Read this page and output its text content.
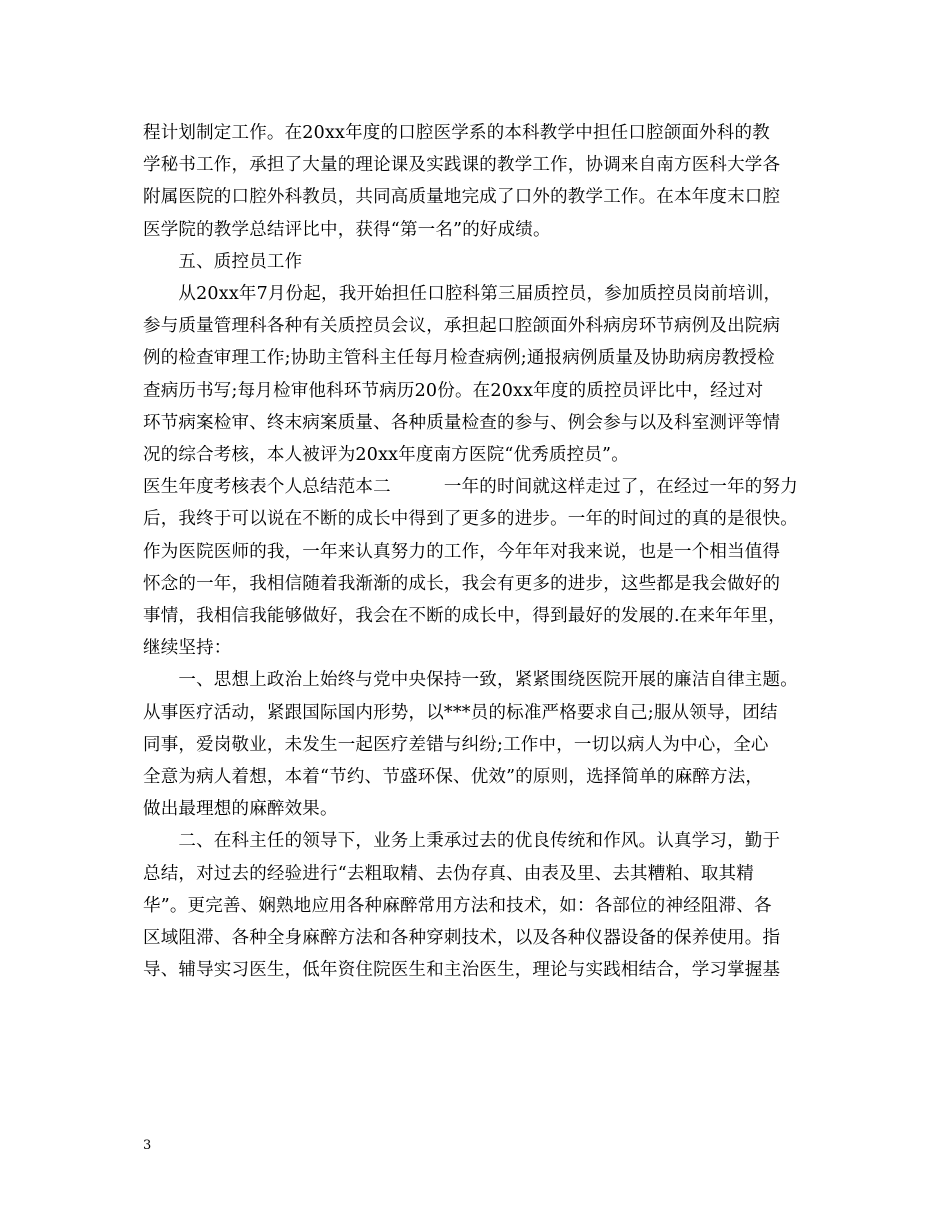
程计划制定工作。在20xx年度的口腔医学系的本科教学中担任口腔颌面外科的教
学秘书工作，承担了大量的理论课及实践课的教学工作，协调来自南方医科大学各
附属医院的口腔外科教员，共同高质量地完成了口外的教学工作。在本年度末口腔
医学院的教学总结评比中，获得“第一名”的好成绩。
　　五、质控员工作
　　从20xx年7月份起，我开始担任口腔科第三届质控员，参加质控员岗前培训，
参与质量管理科各种有关质控员会议，承担起口腔颌面外科病房环节病例及出院病
例的检查审理工作;协助主管科主任每月检查病例;通报病例质量及协助病房教授检
查病历书写;每月检审他科环节病历20份。在20xx年度的质控员评比中，经过对
环节病案检审、终末病案质量、各种质量检查的参与、例会参与以及科室测评等情
况的综合考核，本人被评为20xx年度南方医院“优秀质控员”。
医生年度考核表个人总结范本二　　　一年的时间就这样走过了，在经过一年的努力
后，我终于可以说在不断的成长中得到了更多的进步。一年的时间过的真的是很快。
作为医院医师的我，一年来认真努力的工作，今年年对我来说，也是一个相当值得
怀念的一年，我相信随着我渐渐的成长，我会有更多的进步，这些都是我会做好的
事情，我相信我能够做好，我会在不断的成长中，得到最好的发展的.在来年年里，
继续坚持：
　　一、思想上政治上始终与党中央保持一致，紧紧围绕医院开展的廉洁自律主题。
从事医疗活动，紧跟国际国内形势，以***员的标准严格要求自己;服从领导，团结
同事，爱岗敬业，未发生一起医疗差错与纠纷;工作中，一切以病人为中心，全心
全意为病人着想，本着“节约、节盛环保、优效”的原则，选择简单的麻醉方法，
做出最理想的麻醉效果。
　　二、在科主任的领导下，业务上秉承过去的优良传统和作风。认真学习，勤于
总结，对过去的经验进行“去粗取精、去伪存真、由表及里、去其糟粕、取其精
华”。更完善、娴熟地应用各种麻醉常用方法和技术，如：各部位的神经阻滞、各
区域阻滞、各种全身麻醉方法和各种穿刺技术，以及各种仪器设备的保养使用。指
导、辅导实习医生，低年资住院医生和主治医生，理论与实践相结合，学习掌握基
3
